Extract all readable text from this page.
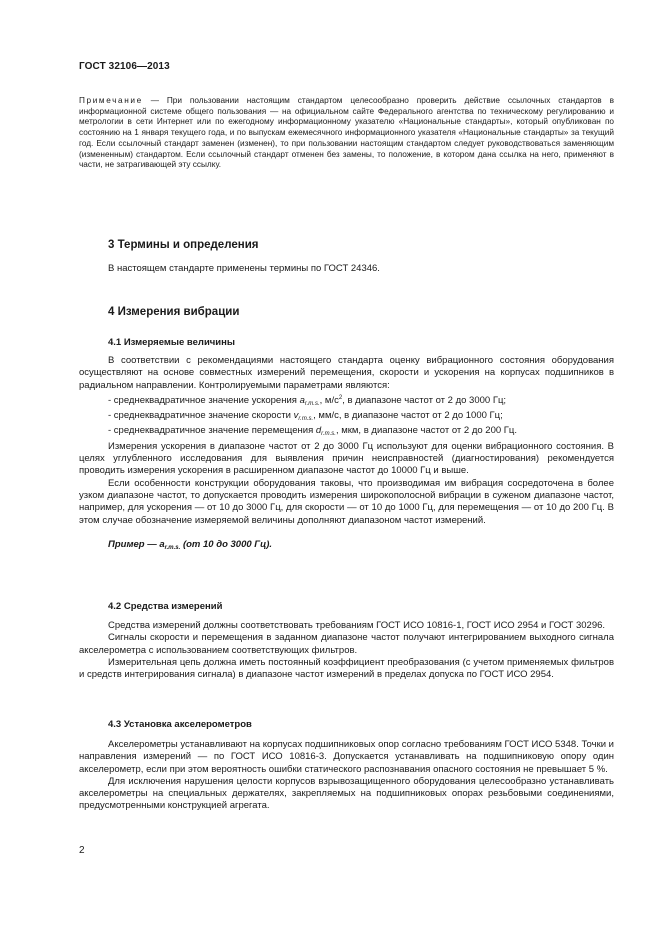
ГОСТ 32106—2013

Примечание — При пользовании настоящим стандартом целесообразно проверить действие ссылочных стандартов в информационной системе общего пользования — на официальном сайте Федерального агентства по техническому регулированию и метрологии в сети Интернет или по ежегодному информационному указателю «Национальные стандарты», который опубликован по состоянию на 1 января текущего года, и по выпускам ежемесячного информационного указателя «Национальные стандарты» за текущий год. Если ссылочный стандарт заменен (изменен), то при пользовании настоящим стандартом следует руководствоваться заменяющим (измененным) стандартом. Если ссылочный стандарт отменен без замены, то положение, в котором дана ссылка на него, применяют в части, не затрагивающей эту ссылку.

3 Термины и определения

В настоящем стандарте применены термины по ГОСТ 24346.

4 Измерения вибрации
4.1 Измеряемые величины

В соответствии с рекомендациями настоящего стандарта оценку вибрационного состояния оборудования осуществляют на основе совместных измерений перемещения, скорости и ускорения на корпусах подшипников в радиальном направлении. Контролируемыми параметрами являются:

- среднеквадратичное значение ускорения $a_{r.m.s.}$, $м/с^2$, в диапазоне частот от 2 до 3000 Гц;

- среднеквадратичное значение скорости $v_{r.m.s.}$, мм/с, в диапазоне частот от 2 до 1000 Гц;

- среднеквадратичное значение перемещения $d_{r.m.s.}$, мкм, в диапазоне частот от 2 до 200 Гц.

Измерения ускорения в диапазоне частот от 2 до 3000 Гц используют для оценки вибрационного состояния. В целях углубленного исследования для выявления причин неисправностей (диагностирования) рекомендуется проводить измерения ускорения в расширенном диапазоне частот до 10000 Гц и выше.

Если особенности конструкции оборудования таковы, что производимая им вибрация сосредоточена в более узком диапазоне частот, то допускается проводить измерения широкополосной вибрации в суженом диапазоне частот, например, для ускорения — от 10 до 3000 Гц, для скорости — от 10 до 1000 Гц, для перемещения — от 10 до 200 Гц. В этом случае обозначение измеряемой величины дополняют диапазоном частот измерений.

Пример — $a_{r.m.s.}$ (от 10 до 3000 Гц).

4.2 Средства измерений

Средства измерений должны соответствовать требованиям ГОСТ ИСО 10816-1, ГОСТ ИСО 2954 и ГОСТ 30296.

Сигналы скорости и перемещения в заданном диапазоне частот получают интегрированием выходного сигнала акселерометра с использованием соответствующих фильтров.

Измерительная цепь должна иметь постоянный коэффициент преобразования (с учетом применяемых фильтров и средств интегрирования сигнала) в диапазоне частот измерений в пределах допуска по ГОСТ ИСО 2954.

4.3 Установка акселерометров

Акселерометры устанавливают на корпусах подшипниковых опор согласно требованиям ГОСТ ИСО 5348. Точки и направления измерений — по ГОСТ ИСО 10816-3. Допускается устанавливать на подшипниковую опору один акселерометр, если при этом вероятность ошибки статического распознавания опасного состояния не превышает 5 %.

Для исключения нарушения целости корпусов взрывозащищенного оборудования целесообразно устанавливать акселерометры на специальных держателях, закрепляемых на подшипниковых опорах резьбовыми соединениями, предусмотренными конструкцией агрегата.

2
